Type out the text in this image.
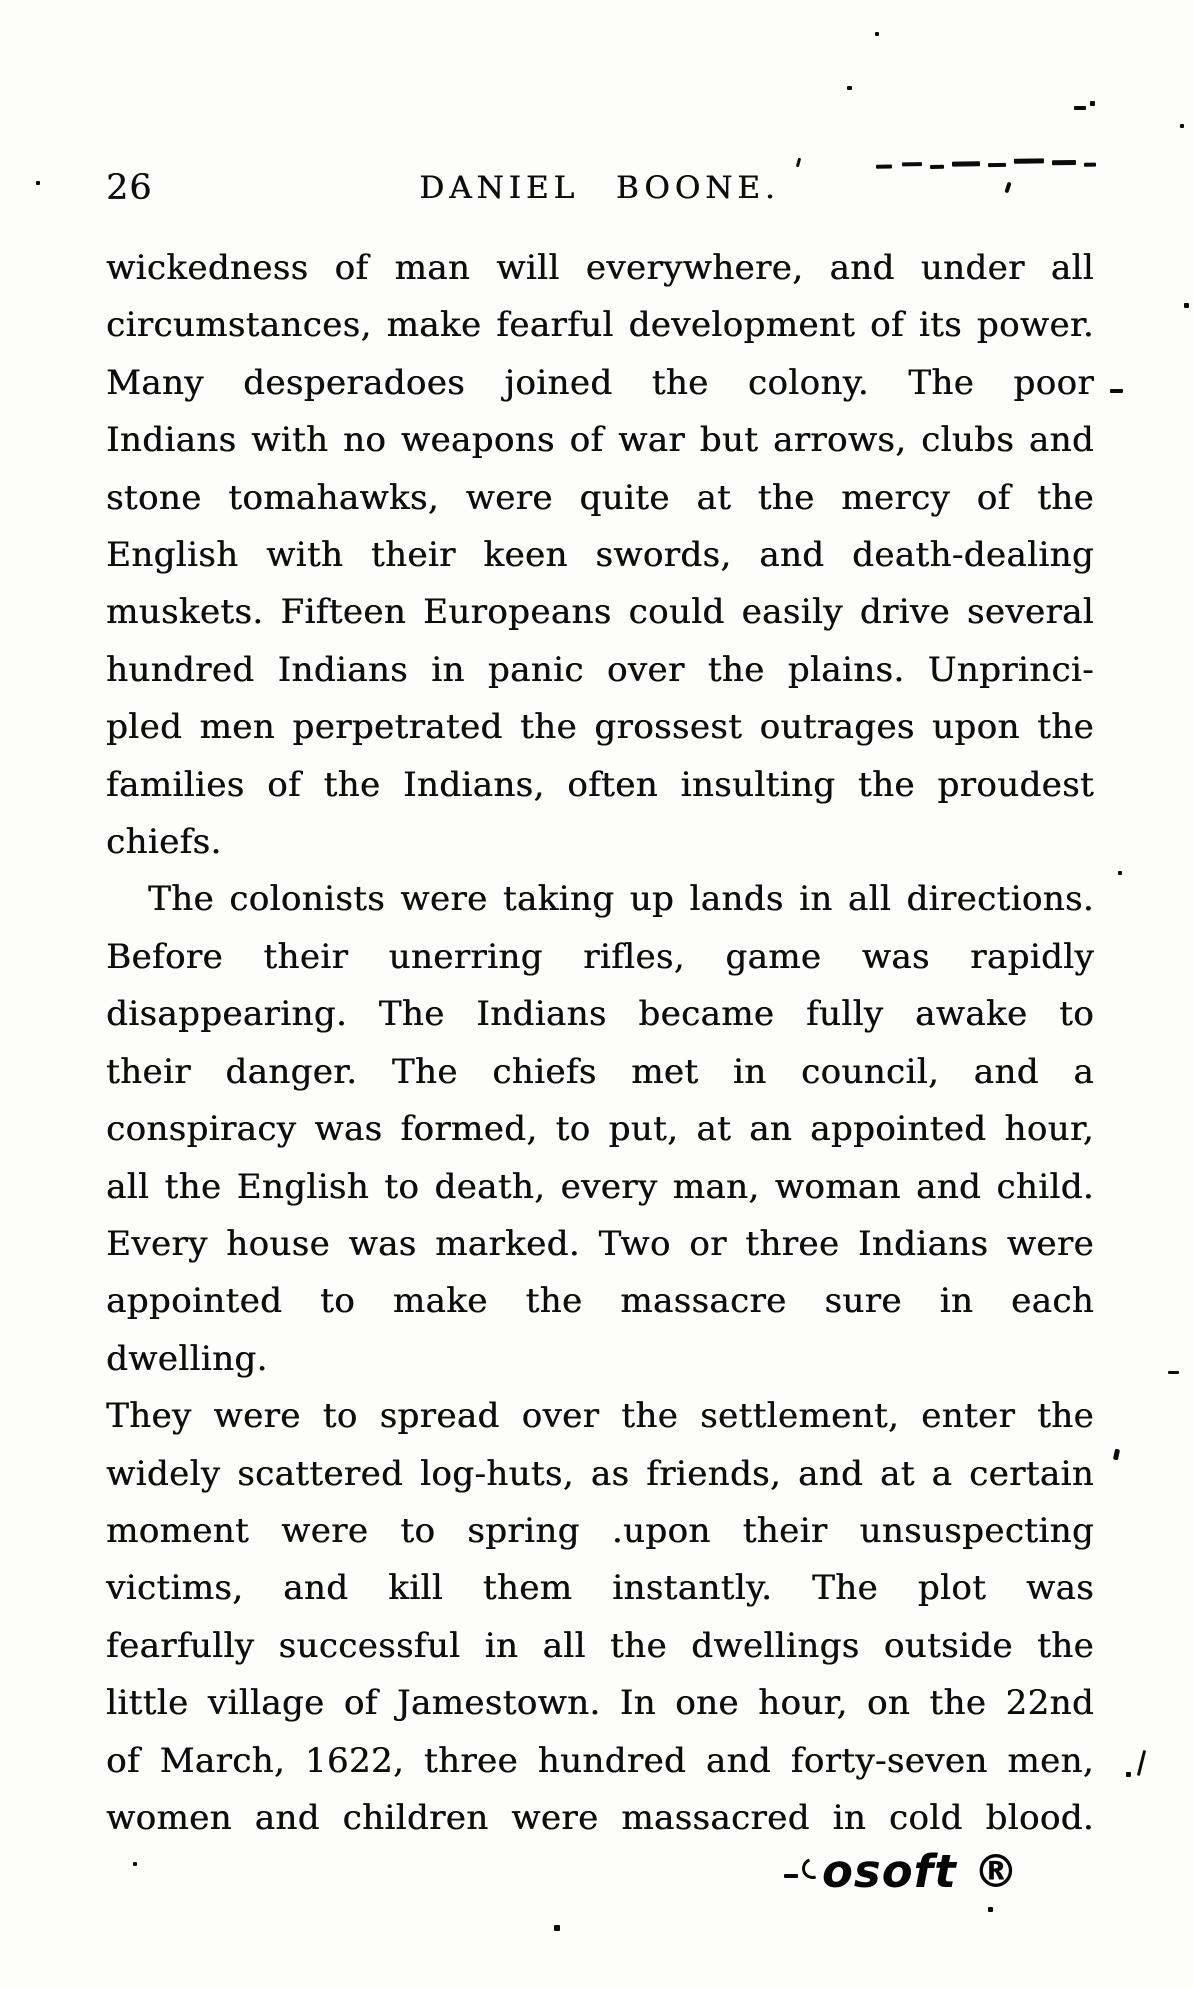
26	DANIEL BOONE.
wickedness of man will everywhere, and under all
circumstances, make fearful development of its power.
Many desperadoes joined the colony. The poor
Indians with no weapons of war but arrows, clubs and
stone tomahawks, were quite at the mercy of the
English with their keen swords, and death-dealing
muskets. Fifteen Europeans could easily drive several
hundred Indians in panic over the plains. Unprinci-
pled men perpetrated the grossest outrages upon the
families of the Indians, often insulting the proudest
chiefs.
The colonists were taking up lands in all directions.
Before their unerring rifles, game was rapidly
disappearing. The Indians became fully awake to
their danger. The chiefs met in council, and a
conspiracy was formed, to put, at an appointed hour,
all the English to death, every man, woman and child.
Every house was marked. Two or three Indians were
appointed to make the massacre sure in each dwelling.
They were to spread over the settlement, enter the
widely scattered log-huts, as friends, and at a certain
moment were to spring .upon their unsuspecting
victims, and kill them instantly. The plot was
fearfully successful in all the dwellings outside the
little village of Jamestown. In one hour, on the 22nd
of March, 1622, three hundred and forty-seven men,
women and children were massacred in cold blood.
osoft ®
